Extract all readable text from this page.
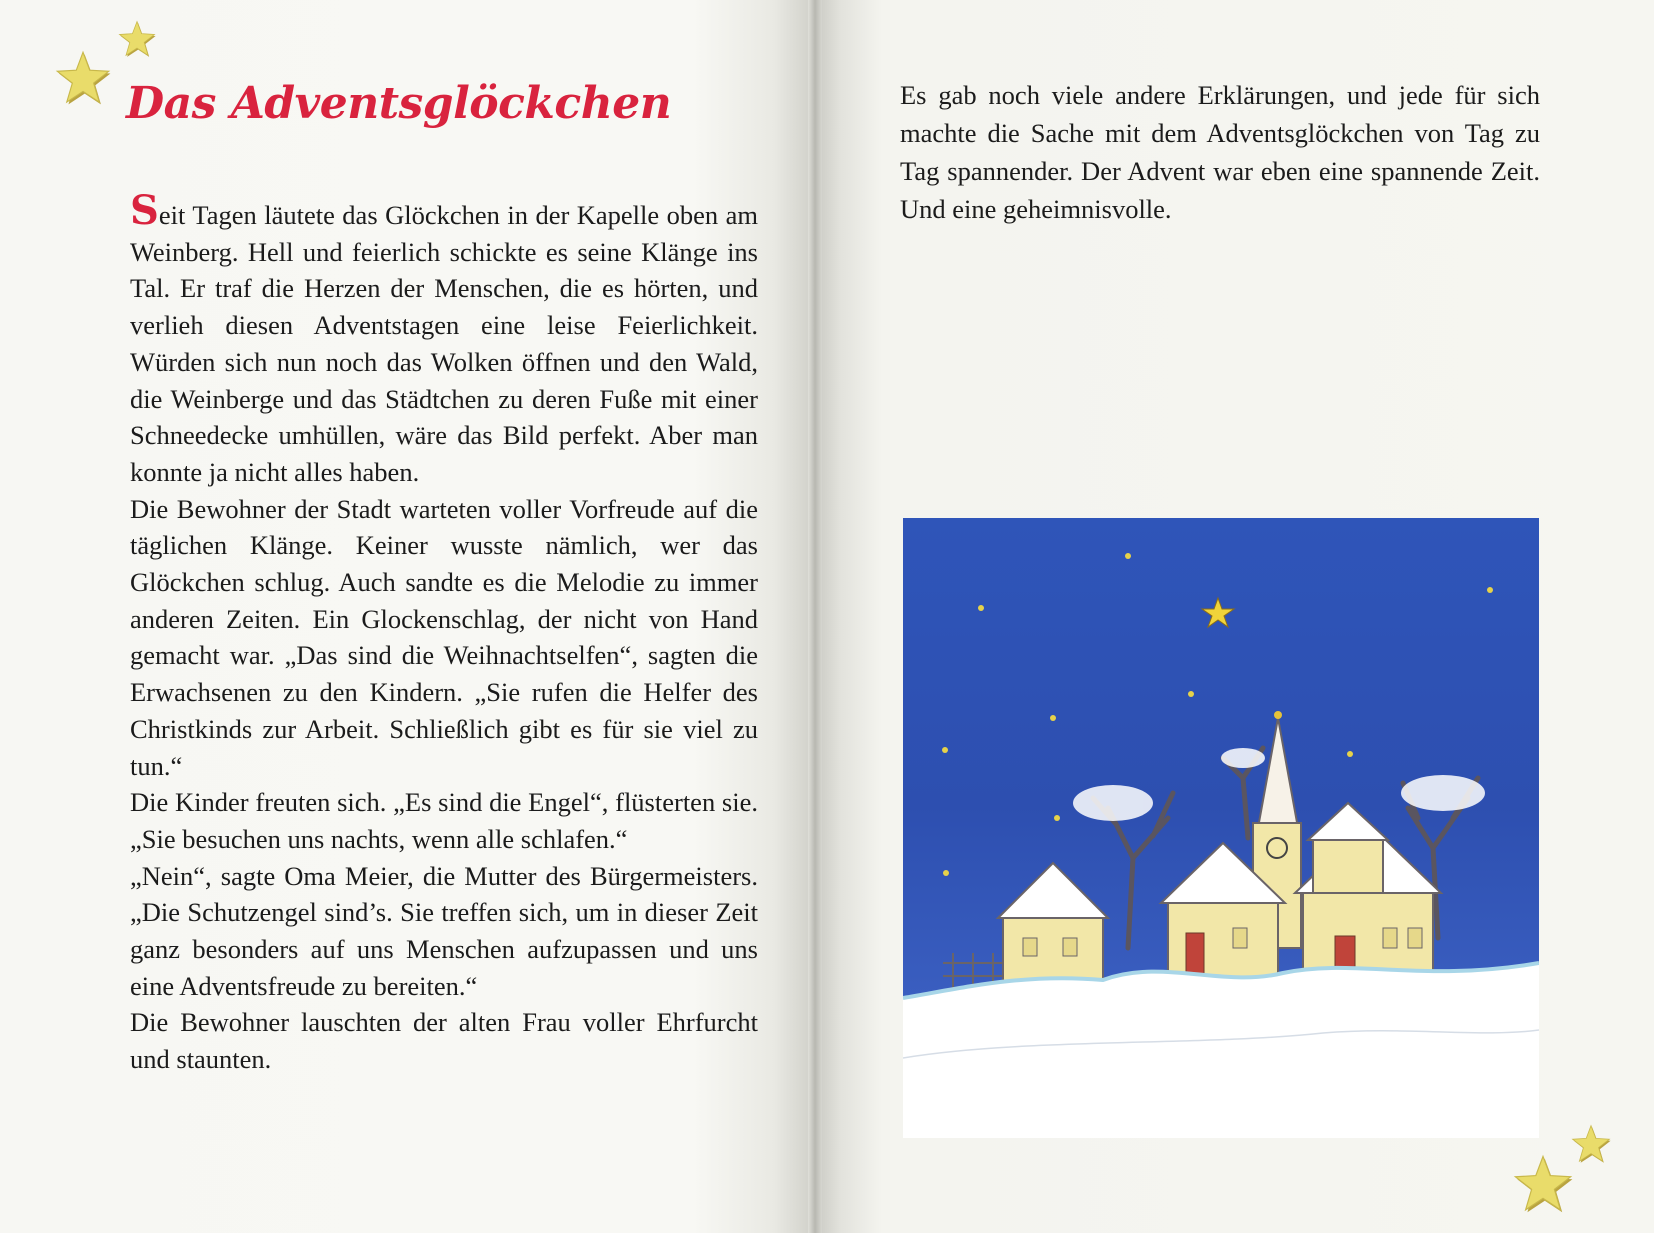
Das Adventsglöckchen

Seit Tagen läutete das Glöckchen in der Kapelle oben am Weinberg. Hell und feierlich schickte es seine Klänge ins Tal. Er traf die Herzen der Menschen, die es hörten, und verlieh diesen Adventstagen eine leise Feierlichkeit. Würden sich nun noch das Wolken öffnen und den Wald, die Weinberge und das Städtchen zu deren Fuße mit einer Schneedecke umhüllen, wäre das Bild perfekt. Aber man konnte ja nicht alles haben.

Die Bewohner der Stadt warteten voller Vorfreude auf die täglichen Klänge. Keiner wusste nämlich, wer das Glöckchen schlug. Auch sandte es die Melodie zu immer anderen Zeiten. Ein Glockenschlag, der nicht von Hand gemacht war. „Das sind die Weihnachtselfen“, sagten die Erwachsenen zu den Kindern. „Sie rufen die Helfer des Christkinds zur Arbeit. Schließlich gibt es für sie viel zu tun.“

Die Kinder freuten sich. „Es sind die Engel“, flüsterten sie. „Sie besuchen uns nachts, wenn alle schlafen.“

„Nein“, sagte Oma Meier, die Mutter des Bürgermeisters. „Die Schutzengel sind’s. Sie treffen sich, um in dieser Zeit ganz besonders auf uns Menschen aufzupassen und uns eine Adventsfreude zu bereiten.“

Die Bewohner lauschten der alten Frau voller Ehrfurcht und staunten.

Es gab noch viele andere Erklärungen, und jede für sich machte die Sache mit dem Adventsglöckchen von Tag zu Tag spannender. Der Advent war eben eine spannende Zeit. Und eine geheimnisvolle.
